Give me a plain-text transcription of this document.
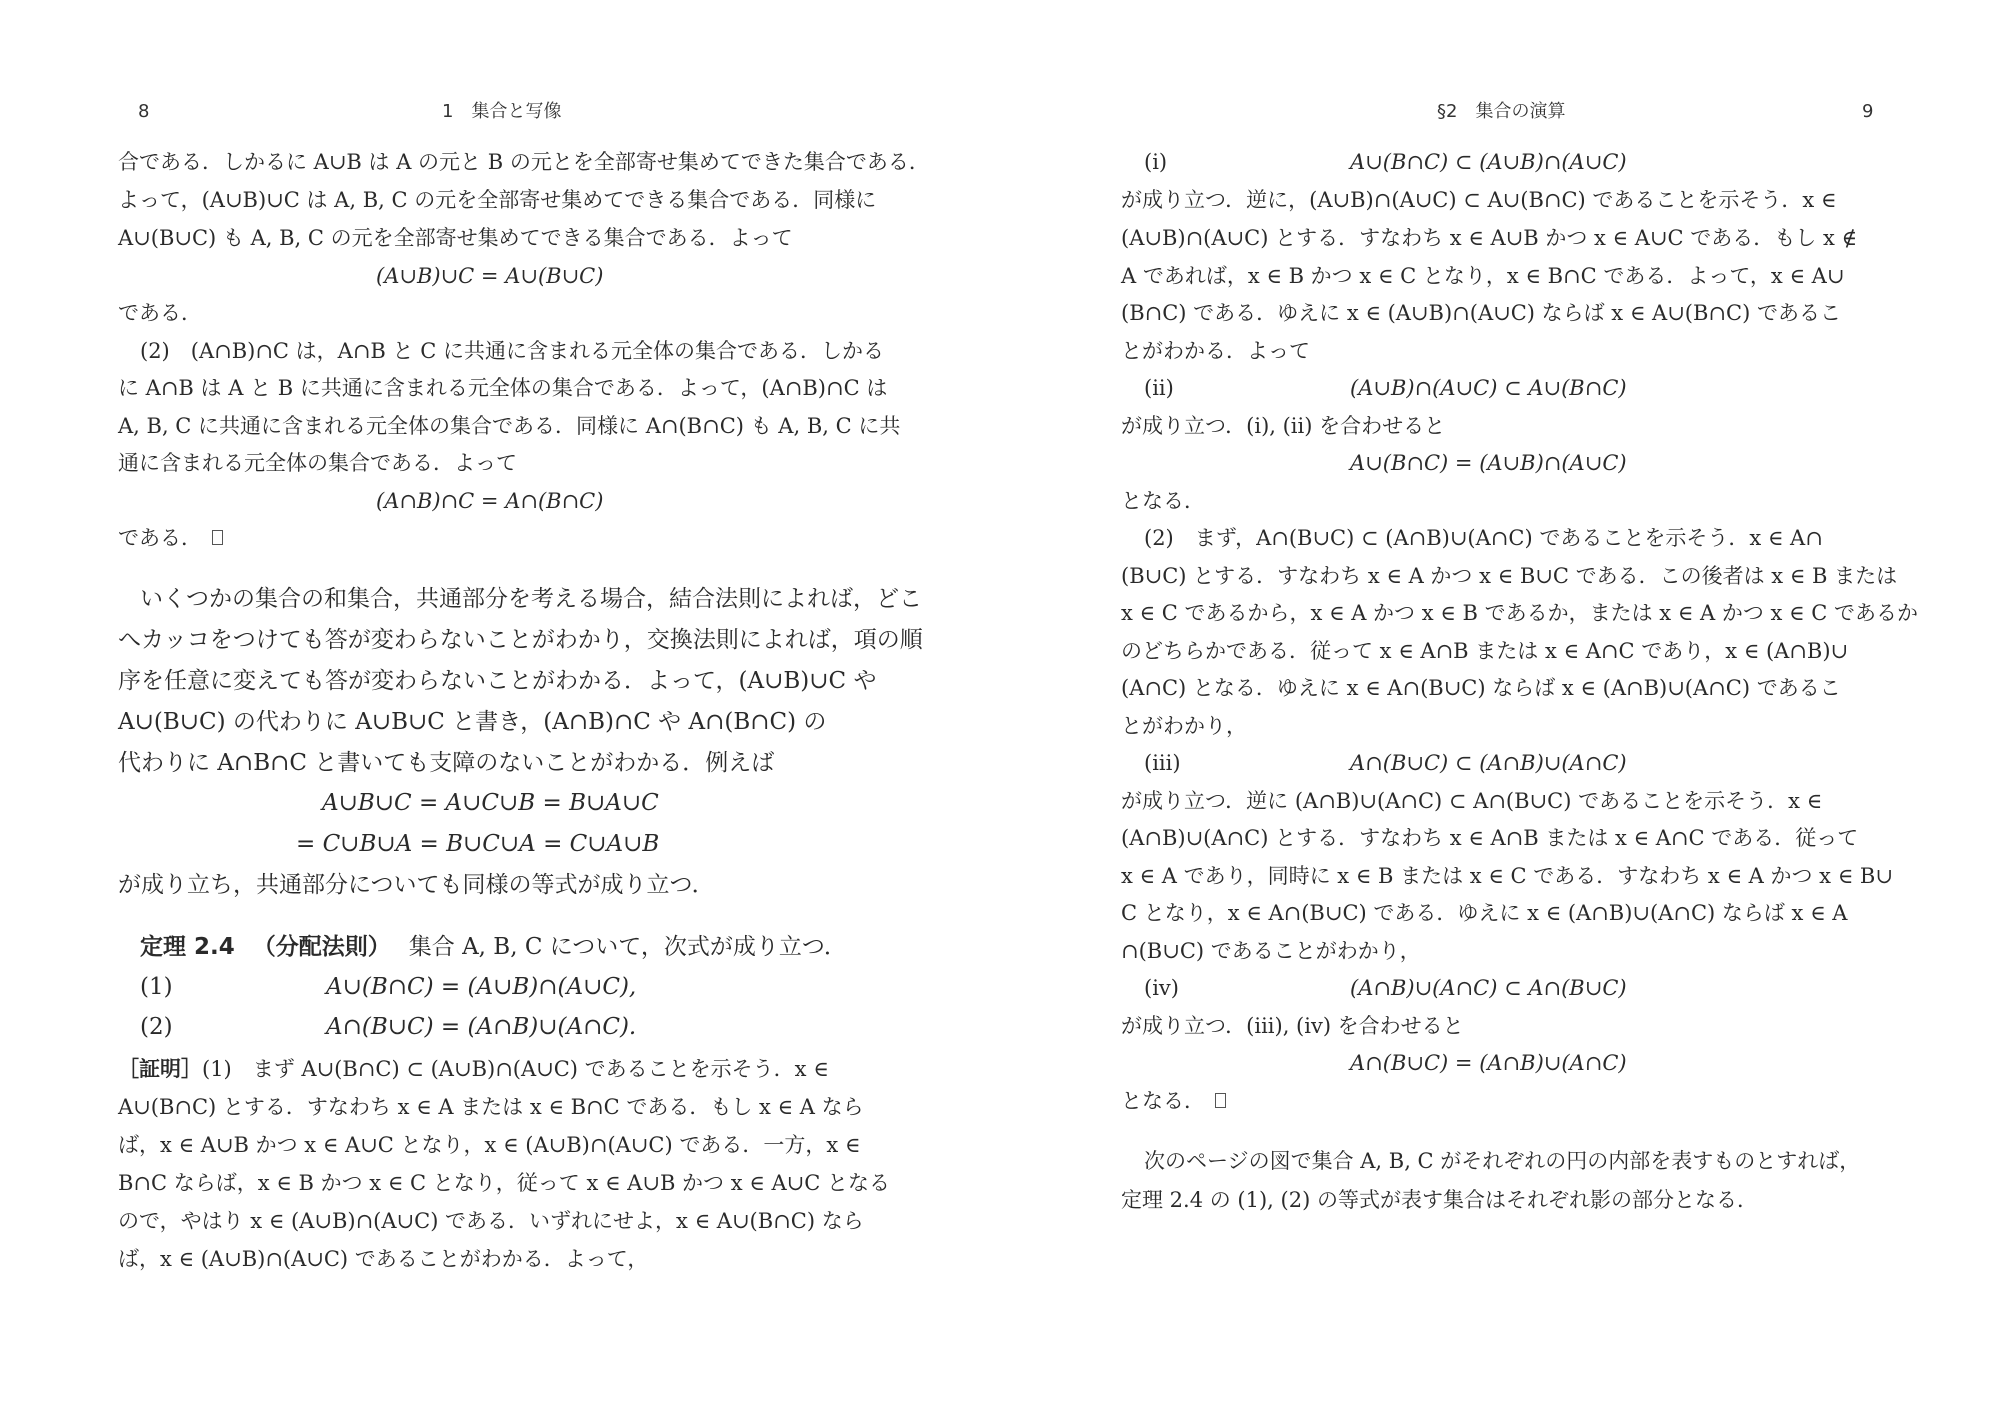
8	1　集合と写像
合である．しかるに A∪B は A の元と B の元とを全部寄せ集めてできた集合である．
よって，(A∪B)∪C は A, B, C の元を全部寄せ集めてできる集合である．同様に
A∪(B∪C) も A, B, C の元を全部寄せ集めてできる集合である．よって
(A∪B)∪C = A∪(B∪C)
である．
(2)　(A∩B)∩C は，A∩B と C に共通に含まれる元全体の集合である．しかる
に A∩B は A と B に共通に含まれる元全体の集合である．よって，(A∩B)∩C は
A, B, C に共通に含まれる元全体の集合である．同様に A∩(B∩C) も A, B, C に共
通に含まれる元全体の集合である．よって
(A∩B)∩C = A∩(B∩C)
である．
いくつかの集合の和集合，共通部分を考える場合，結合法則によれば，どこ
へカッコをつけても答が変わらないことがわかり，交換法則によれば，項の順
序を任意に変えても答が変わらないことがわかる．よって，(A∪B)∪C や
A∪(B∪C) の代わりに A∪B∪C と書き，(A∩B)∩C や A∩(B∩C) の
代わりに A∩B∩C と書いても支障のないことがわかる．例えば
A∪B∪C = A∪C∪B = B∪A∪C
= C∪B∪A = B∪C∪A = C∪A∪B
が成り立ち，共通部分についても同様の等式が成り立つ．
定理 2.4 （分配法則） 集合 A, B, C について，次式が成り立つ．
(1)	A∪(B∩C) = (A∪B)∩(A∪C),
(2)	A∩(B∪C) = (A∩B)∪(A∩C).
［証明］ (1)　まず A∪(B∩C) ⊂ (A∪B)∩(A∪C) であることを示そう．x ∈
A∪(B∩C) とする．すなわち x ∈ A または x ∈ B∩C である．もし x ∈ A なら
ば，x ∈ A∪B かつ x ∈ A∪C となり，x ∈ (A∪B)∩(A∪C) である．一方，x ∈
B∩C ならば，x ∈ B かつ x ∈ C となり，従って x ∈ A∪B かつ x ∈ A∪C となる
ので，やはり x ∈ (A∪B)∩(A∪C) である．いずれにせよ，x ∈ A∪(B∩C) なら
ば，x ∈ (A∪B)∩(A∪C) であることがわかる．よって，
§2　集合の演算	9
(i)	A∪(B∩C) ⊂ (A∪B)∩(A∪C)
が成り立つ．逆に，(A∪B)∩(A∪C) ⊂ A∪(B∩C) であることを示そう．x ∈
(A∪B)∩(A∪C) とする．すなわち x ∈ A∪B かつ x ∈ A∪C である．もし x ∉
A であれば，x ∈ B かつ x ∈ C となり，x ∈ B∩C である．よって，x ∈ A∪
(B∩C) である．ゆえに x ∈ (A∪B)∩(A∪C) ならば x ∈ A∪(B∩C) であるこ
とがわかる．よって
(ii)	(A∪B)∩(A∪C) ⊂ A∪(B∩C)
が成り立つ．(i), (ii) を合わせると
A∪(B∩C) = (A∪B)∩(A∪C)
となる．
(2)　まず，A∩(B∪C) ⊂ (A∩B)∪(A∩C) であることを示そう．x ∈ A∩
(B∪C) とする．すなわち x ∈ A かつ x ∈ B∪C である．この後者は x ∈ B または
x ∈ C であるから，x ∈ A かつ x ∈ B であるか，または x ∈ A かつ x ∈ C であるか
のどちらかである．従って x ∈ A∩B または x ∈ A∩C であり，x ∈ (A∩B)∪
(A∩C) となる．ゆえに x ∈ A∩(B∪C) ならば x ∈ (A∩B)∪(A∩C) であるこ
とがわかり，
(iii)	A∩(B∪C) ⊂ (A∩B)∪(A∩C)
が成り立つ．逆に (A∩B)∪(A∩C) ⊂ A∩(B∪C) であることを示そう．x ∈
(A∩B)∪(A∩C) とする．すなわち x ∈ A∩B または x ∈ A∩C である．従って
x ∈ A であり，同時に x ∈ B または x ∈ C である．すなわち x ∈ A かつ x ∈ B∪
C となり，x ∈ A∩(B∪C) である．ゆえに x ∈ (A∩B)∪(A∩C) ならば x ∈ A
∩(B∪C) であることがわかり，
(iv)	(A∩B)∪(A∩C) ⊂ A∩(B∪C)
が成り立つ．(iii), (iv) を合わせると
A∩(B∪C) = (A∩B)∪(A∩C)
となる．
次のページの図で集合 A, B, C がそれぞれの円の内部を表すものとすれば，
定理 2.4 の (1), (2) の等式が表す集合はそれぞれ影の部分となる．
